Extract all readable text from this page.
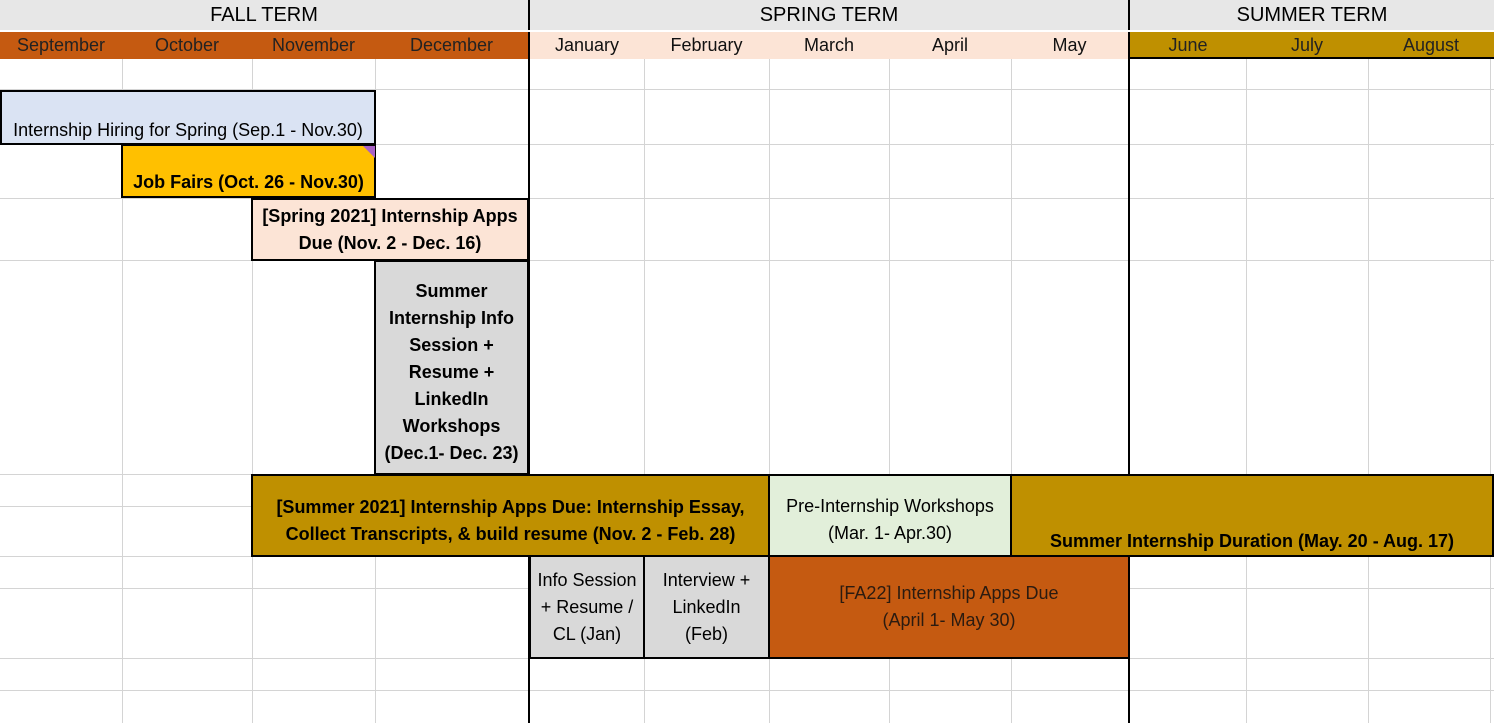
FALL TERM	SPRING TERM	SUMMER TERM
September	October	November	December	January	February	March	April	May	June	July	August
Internship Hiring for Spring (Sep.1 - Nov.30)
Job Fairs (Oct. 26 - Nov.30)
[Spring 2021] Internship Apps
Due (Nov. 2 - Dec. 16)
Summer
Internship Info
Session +
Resume +
LinkedIn
Workshops
(Dec.1- Dec. 23)
[Summer 2021] Internship Apps Due: Internship Essay,
Collect Transcripts, & build resume (Nov. 2 - Feb. 28)
Pre-Internship Workshops
(Mar. 1- Apr.30)	Summer Internship Duration (May. 20 - Aug. 17)
Info Session
+ Resume /
CL (Jan)
Interview +
LinkedIn
(Feb)
[FA22] Internship Apps Due
(April 1- May 30)
